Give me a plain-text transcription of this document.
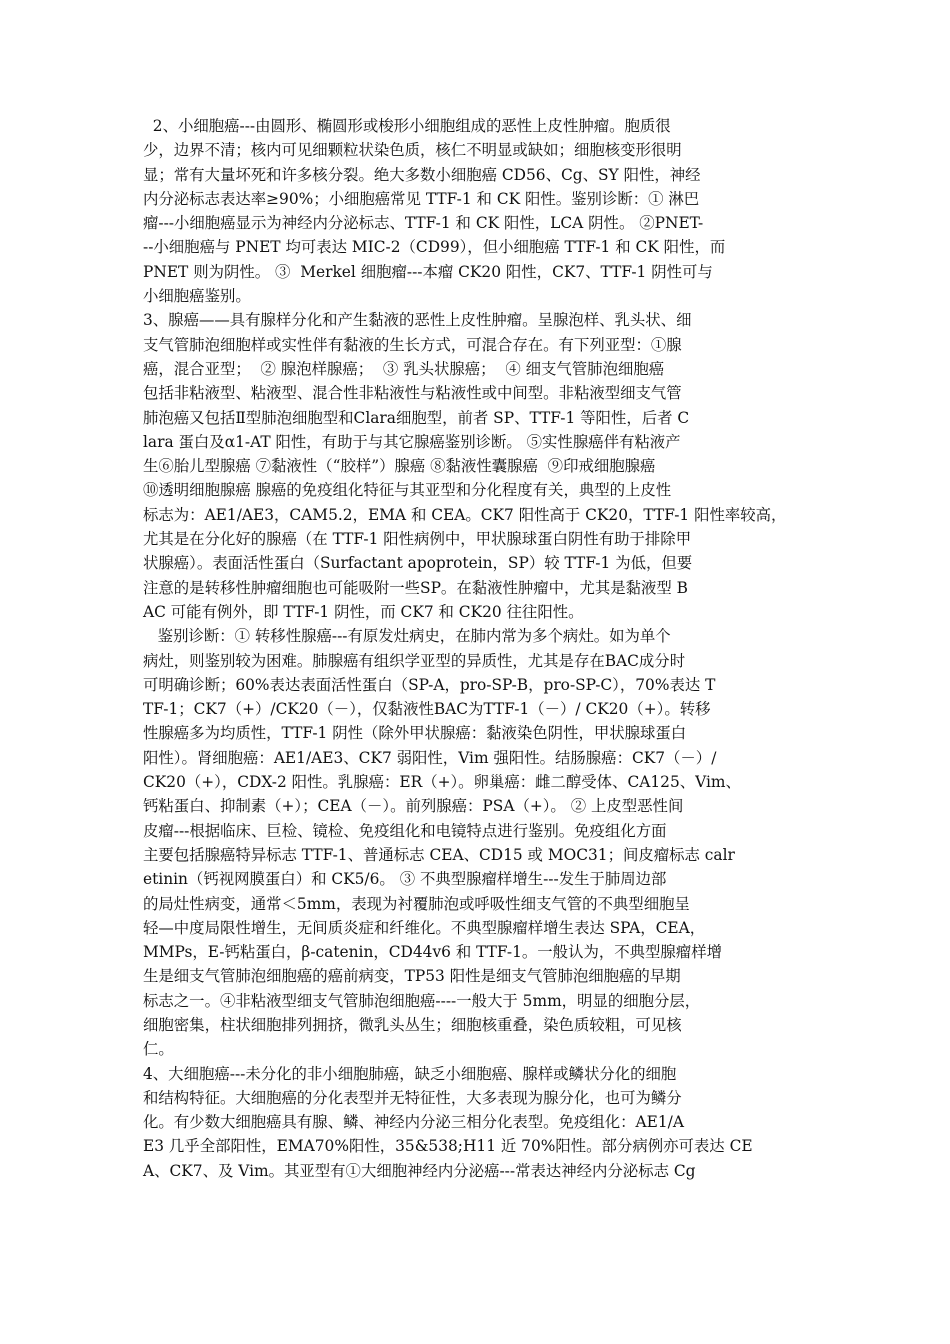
2、小细胞癌---由圆形、椭圆形或梭形小细胞组成的恶性上皮性肿瘤。胞质很
少，边界不清；核内可见细颗粒状染色质，核仁不明显或缺如；细胞核变形很明
显；常有大量坏死和许多核分裂。绝大多数小细胞癌 CD56、Cg、SY 阳性，神经
内分泌标志表达率≥90%；小细胞癌常见 TTF-1 和 CK 阳性。鉴别诊断：① 淋巴
瘤---小细胞癌显示为神经内分泌标志、TTF-1 和 CK 阳性，LCA 阴性。 ②PNET-
--小细胞癌与 PNET 均可表达 MIC-2（CD99），但小细胞癌 TTF-1 和 CK 阳性，而
PNET 则为阴性。 ③  Merkel 细胞瘤---本瘤 CK20 阳性，CK7、TTF-1 阴性可与
小细胞癌鉴别。
3、腺癌——具有腺样分化和产生黏液的恶性上皮性肿瘤。呈腺泡样、乳头状、细
支气管肺泡细胞样或实性伴有黏液的生长方式，可混合存在。有下列亚型：①腺
癌，混合亚型；  ② 腺泡样腺癌；  ③ 乳头状腺癌；  ④ 细支气管肺泡细胞癌
包括非粘液型、粘液型、混合性非粘液性与粘液性或中间型。非粘液型细支气管
肺泡癌又包括Ⅱ型肺泡细胞型和Clara细胞型，前者 SP、TTF-1 等阳性，后者 C
lara 蛋白及α1-AT 阳性，有助于与其它腺癌鉴别诊断。 ⑤实性腺癌伴有粘液产
生⑥胎儿型腺癌 ⑦黏液性（“胶样”）腺癌 ⑧黏液性囊腺癌  ⑨印戒细胞腺癌
⑩透明细胞腺癌 腺癌的免疫组化特征与其亚型和分化程度有关，典型的上皮性
标志为：AE1/AE3，CAM5.2，EMA 和 CEA。CK7 阳性高于 CK20，TTF-1 阳性率较高，
尤其是在分化好的腺癌（在 TTF-1 阳性病例中，甲状腺球蛋白阴性有助于排除甲
状腺癌）。表面活性蛋白（Surfactant apoprotein，SP）较 TTF-1 为低，但要
注意的是转移性肿瘤细胞也可能吸附一些SP。在黏液性肿瘤中，尤其是黏液型 B
AC 可能有例外，即 TTF-1 阴性，而 CK7 和 CK20 往往阳性。
鉴别诊断：① 转移性腺癌---有原发灶病史，在肺内常为多个病灶。如为单个
病灶，则鉴别较为困难。肺腺癌有组织学亚型的异质性，尤其是存在BAC成分时
可明确诊断；60%表达表面活性蛋白（SP-A，pro-SP-B，pro-SP-C），70%表达 T
TF-1；CK7（+）/CK20（－），仅黏液性BAC为TTF-1（－）/ CK20（+）。转移
性腺癌多为均质性，TTF-1 阴性（除外甲状腺癌：黏液染色阴性，甲状腺球蛋白
阳性）。肾细胞癌：AE1/AE3、CK7 弱阳性，Vim 强阳性。结肠腺癌：CK7（－）/
CK20（+），CDX-2 阳性。乳腺癌：ER（+）。卵巢癌：雌二醇受体、CA125、Vim、
钙粘蛋白、抑制素（+）；CEA（－）。前列腺癌：PSA（+）。 ② 上皮型恶性间
皮瘤---根据临床、巨检、镜检、免疫组化和电镜特点进行鉴别。免疫组化方面
主要包括腺癌特异标志 TTF-1、普通标志 CEA、CD15 或 MOC31；间皮瘤标志 calr
etinin（钙视网膜蛋白）和 CK5/6。 ③ 不典型腺瘤样增生---发生于肺周边部
的局灶性病变，通常＜5mm，表现为衬覆肺泡或呼吸性细支气管的不典型细胞呈
轻—中度局限性增生，无间质炎症和纤维化。不典型腺瘤样增生表达 SPA，CEA，
MMPs，E-钙粘蛋白，β-catenin，CD44v6 和 TTF-1。一般认为，不典型腺瘤样增
生是细支气管肺泡细胞癌的癌前病变，TP53 阳性是细支气管肺泡细胞癌的早期
标志之一。④非粘液型细支气管肺泡细胞癌----一般大于 5mm，明显的细胞分层，
细胞密集，柱状细胞排列拥挤，微乳头丛生；细胞核重叠，染色质较粗，可见核
仁。
4、大细胞癌---未分化的非小细胞肺癌，缺乏小细胞癌、腺样或鳞状分化的细胞
和结构特征。大细胞癌的分化表型并无特征性，大多表现为腺分化，也可为鳞分
化。有少数大细胞癌具有腺、鳞、神经内分泌三相分化表型。免疫组化：AE1/A
E3 几乎全部阳性，EMA70%阳性，35&538;H11 近 70%阳性。部分病例亦可表达 CE
A、CK7、及 Vim。其亚型有①大细胞神经内分泌癌---常表达神经内分泌标志 Cg
